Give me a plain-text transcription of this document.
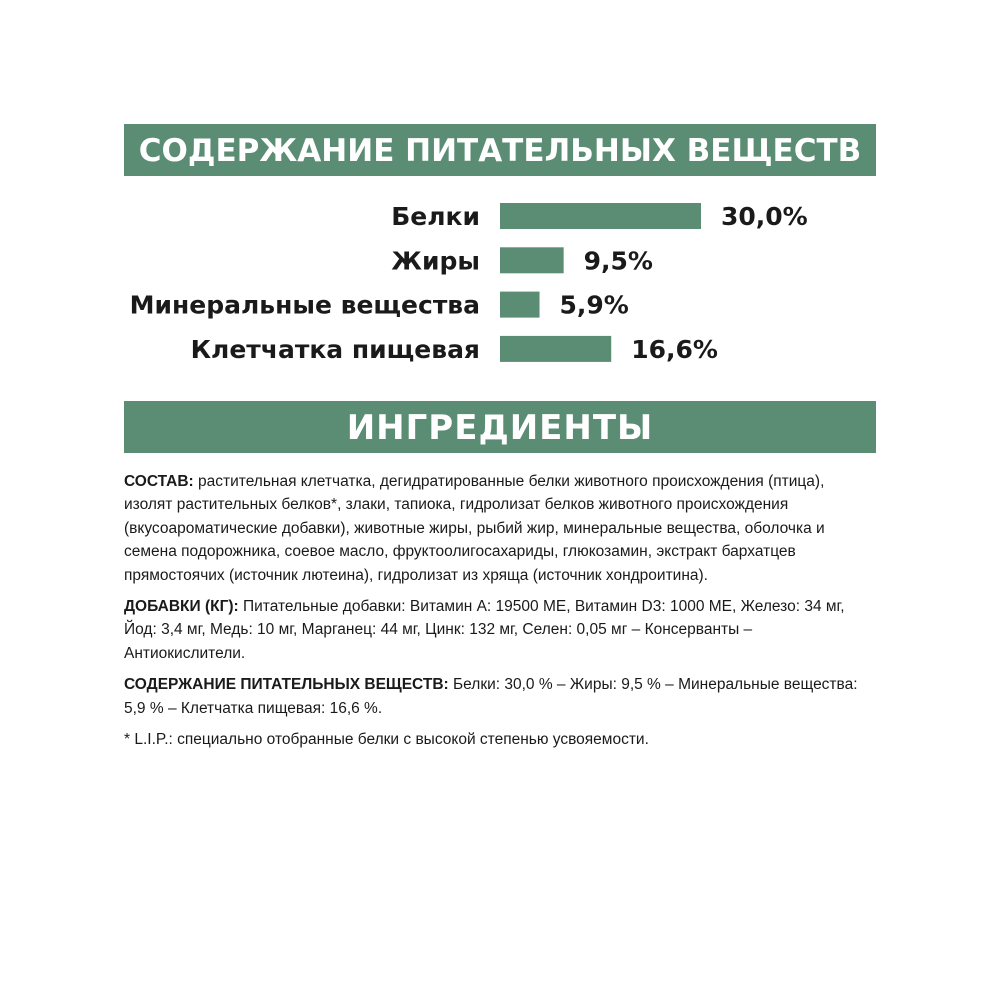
СОДЕРЖАНИЕ ПИТАТЕЛЬНЫХ ВЕЩЕСТВ
Белки	30,0%
Жиры	9,5%
Минеральные вещества	5,9%
Клетчатка пищевая	16,6%
ИНГРЕДИЕНТЫ

СОСТАВ: растительная клетчатка, дегидратированные белки животного происхождения (птица), изолят растительных белков*, злаки, тапиока, гидролизат белков животного происхождения (вкусоароматические добавки), животные жиры, рыбий жир, минеральные вещества, оболочка и семена подорожника, соевое масло, фруктоолигосахариды, глюкозамин, экстракт бархатцев прямостоячих (источник лютеина), гидролизат из хряща (источник хондроитина).

ДОБАВКИ (КГ): Питательные добавки: Витамин A: 19500 МЕ, Витамин D3: 1000 МЕ, Железо: 34 мг, Йод: 3,4 мг, Медь: 10 мг, Марганец: 44 мг, Цинк: 132 мг, Селен: 0,05 мг – Консерванты – Антиокислители.

СОДЕРЖАНИЕ ПИТАТЕЛЬНЫХ ВЕЩЕСТВ: Белки: 30,0 % – Жиры: 9,5 % – Минеральные вещества: 5,9 % – Клетчатка пищевая: 16,6 %.

* L.I.P.: специально отобранные белки с высокой степенью усвояемости.
